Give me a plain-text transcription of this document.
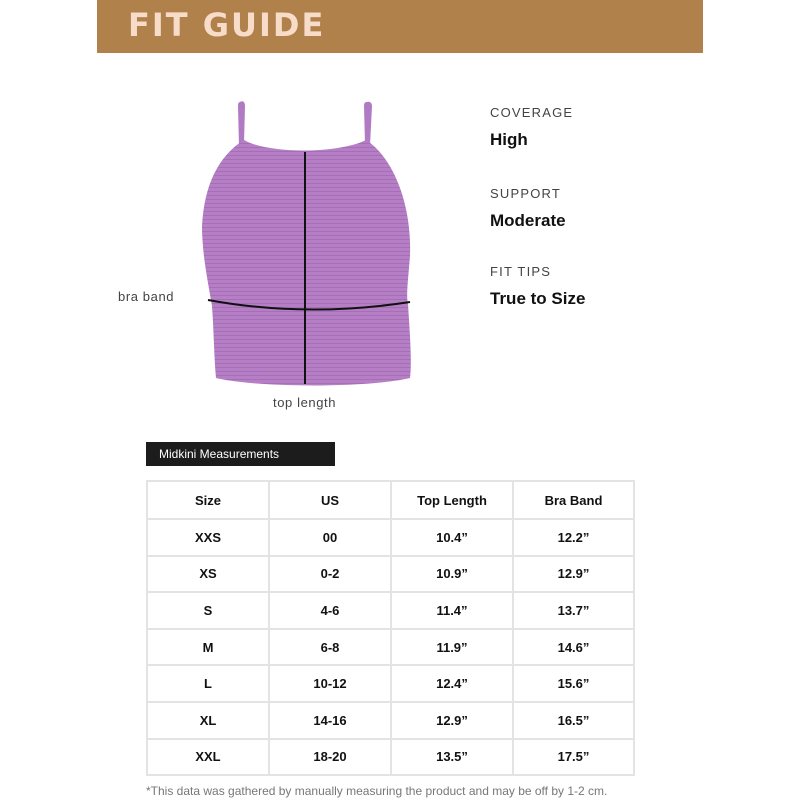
FIT GUIDE
bra band
top length
COVERAGE
High
SUPPORT
Moderate
FIT TIPS
True to Size
Midkini Measurements
Size	US	Top Length	Bra Band
XXS	00	10.4”	12.2”
XS	0-2	10.9”	12.9”
S	4-6	11.4”	13.7”
M	6-8	11.9”	14.6”
L	10-12	12.4”	15.6”
XL	14-16	12.9”	16.5”
XXL	18-20	13.5”	17.5”
*This data was gathered by manually measuring the product and may be off by 1-2 cm.
